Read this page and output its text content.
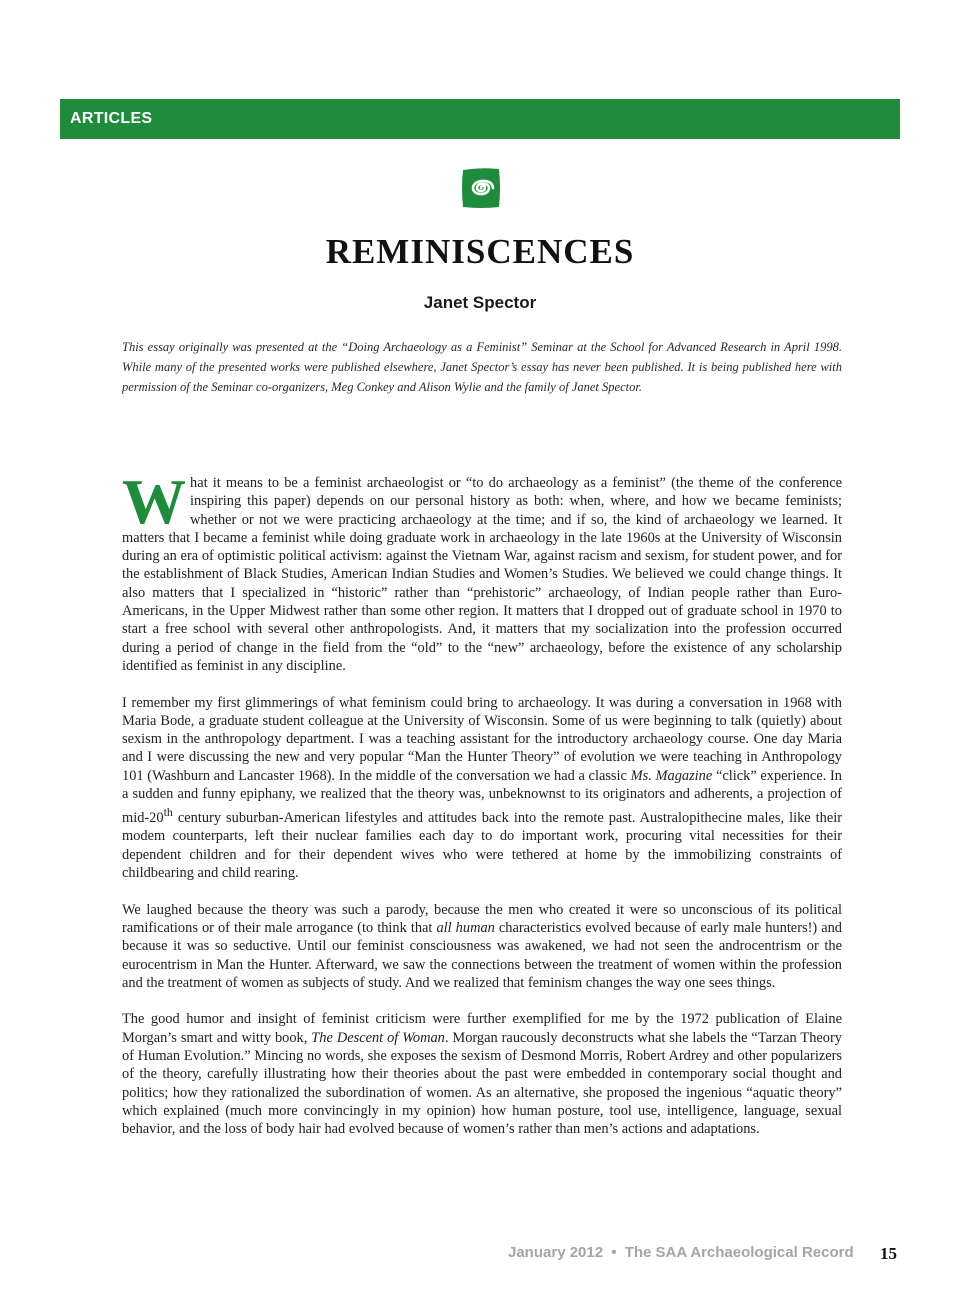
ARTICLES
REMINISCENCES
Janet Spector

This essay originally was presented at the “Doing Archaeology as a Feminist” Seminar at the School for Advanced Research in April 1998. While many of the presented works were published elsewhere, Janet Spector’s essay has never been published. It is being published here with permission of the Seminar co-organizers, Meg Conkey and Alison Wylie and the family of Janet Spector.

What it means to be a feminist archaeologist or “to do archaeology as a feminist” (the theme of the conference inspiring this paper) depends on our personal history as both: when, where, and how we became feminists; whether or not we were practicing archaeology at the time; and if so, the kind of archaeology we learned. It matters that I became a feminist while doing graduate work in archaeology in the late 1960s at the University of Wisconsin during an era of optimistic political activism: against the Vietnam War, against racism and sexism, for student power, and for the establishment of Black Studies, American Indian Studies and Women’s Studies. We believed we could change things. It also matters that I specialized in “historic” rather than “prehistoric” archaeology, of Indian people rather than Euro-Americans, in the Upper Midwest rather than some other region. It matters that I dropped out of graduate school in 1970 to start a free school with several other anthropologists. And, it matters that my socialization into the profession occurred during a period of change in the field from the “old” to the “new” archaeology, before the existence of any scholarship identified as feminist in any discipline.

I remember my first glimmerings of what feminism could bring to archaeology. It was during a conversation in 1968 with Maria Bode, a graduate student colleague at the University of Wisconsin. Some of us were beginning to talk (quietly) about sexism in the anthropology department. I was a teaching assistant for the introductory archaeology course. One day Maria and I were discussing the new and very popular “Man the Hunter Theory” of evolution we were teaching in Anthropology 101 (Washburn and Lancaster 1968). In the middle of the conversation we had a classic Ms. Magazine “click” experience. In a sudden and funny epiphany, we realized that the theory was, unbeknownst to its originators and adherents, a projection of mid-20th century suburban-American lifestyles and attitudes back into the remote past. Australopithecine males, like their modem counterparts, left their nuclear families each day to do important work, procuring vital necessities for their dependent children and for their dependent wives who were tethered at home by the immobilizing constraints of childbearing and child rearing.

We laughed because the theory was such a parody, because the men who created it were so unconscious of its political ramifications or of their male arrogance (to think that all human characteristics evolved because of early male hunters!) and because it was so seductive. Until our feminist consciousness was awakened, we had not seen the androcentrism or the eurocentrism in Man the Hunter. Afterward, we saw the connections between the treatment of women within the profession and the treatment of women as subjects of study. And we realized that feminism changes the way one sees things.

The good humor and insight of feminist criticism were further exemplified for me by the 1972 publication of Elaine Morgan’s smart and witty book, The Descent of Woman. Morgan raucously deconstructs what she labels the “Tarzan Theory of Human Evolution.” Mincing no words, she exposes the sexism of Desmond Morris, Robert Ardrey and other popularizers of the theory, carefully illustrating how their theories about the past were embedded in contemporary social thought and politics; how they rationalized the subordination of women. As an alternative, she proposed the ingenious “aquatic theory” which explained (much more convincingly in my opinion) how human posture, tool use, intelligence, language, sexual behavior, and the loss of body hair had evolved because of women’s rather than men’s actions and adaptations.

January 2012 • The SAA Archaeological Record 15
